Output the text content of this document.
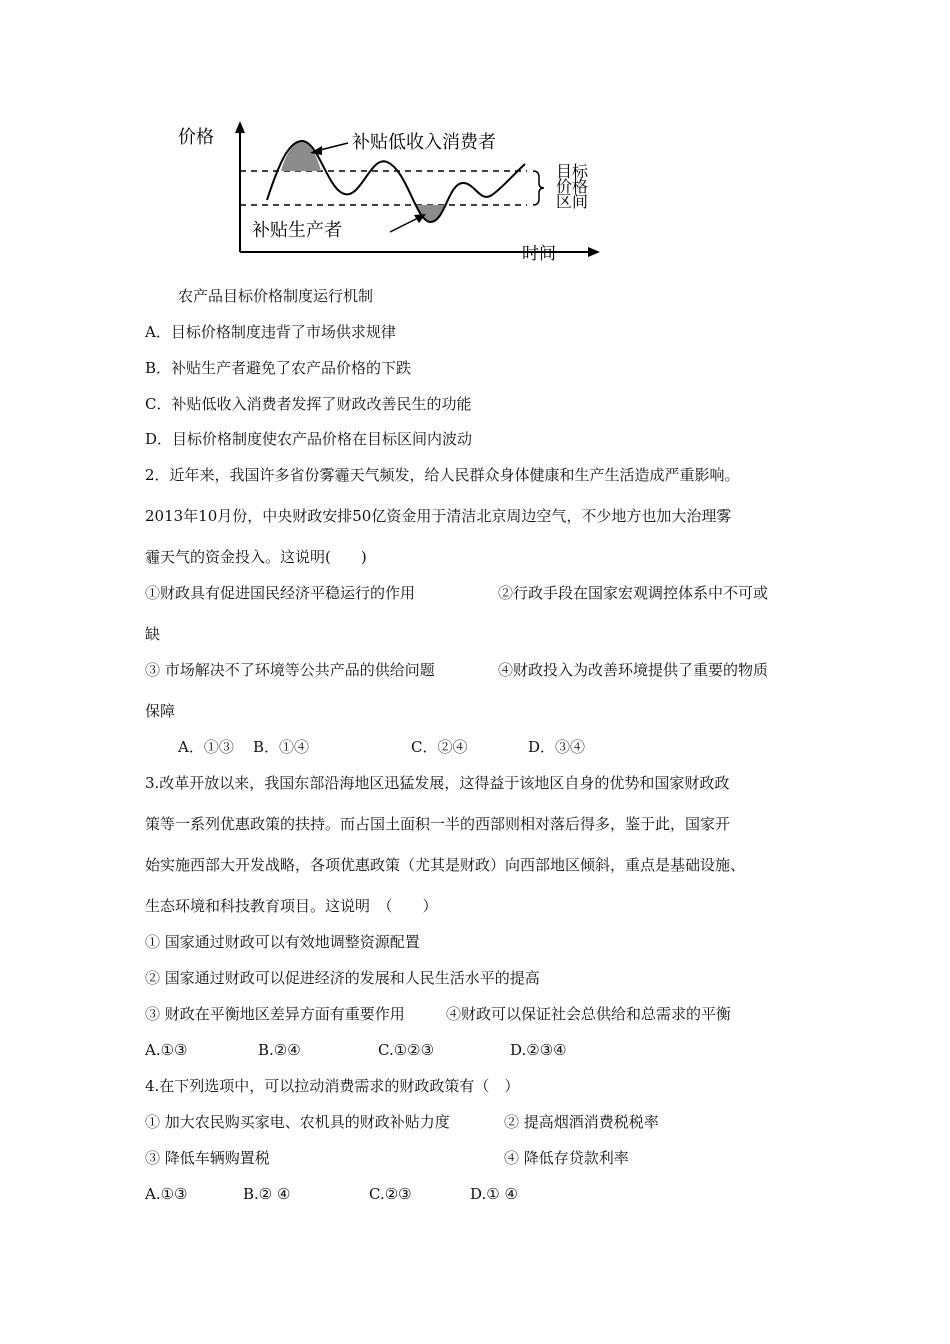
价格
时间
补贴低收入消费者
补贴生产者
目标
价格
区间
农产品目标价格制度运行机制
A．目标价格制度违背了市场供求规律
B．补贴生产者避免了农产品价格的下跌
C．补贴低收入消费者发挥了财政改善民生的功能
D．目标价格制度使农产品价格在目标区间内波动
2．近年来，我国许多省份雾霾天气频发，给人民群众身体健康和生产生活造成严重影响。
2013年10月份，中央财政安排50亿资金用于清洁北京周边空气，不少地方也加大治理雾
霾天气的资金投入。这说明(　　)
①财政具有促进国民经济平稳运行的作用	②行政手段在国家宏观调控体系中不可或
缺
③ 市场解决不了环境等公共产品的供给问题	④财政投入为改善环境提供了重要的物质
保障
A．①③ B．①④	C．②④	D．③④
3.改革开放以来，我国东部沿海地区迅猛发展，这得益于该地区自身的优势和国家财政政
策等一系列优惠政策的扶持。而占国土面积一半的西部则相对落后得多，鉴于此，国家开
始实施西部大开发战略，各项优惠政策（尤其是财政）向西部地区倾斜，重点是基础设施、
生态环境和科技教育项目。这说明　（　　）
① 国家通过财政可以有效地调整资源配置
② 国家通过财政可以促进经济的发展和人民生活水平的提高
③ 财政在平衡地区差异方面有重要作用	④财政可以保证社会总供给和总需求的平衡
A.①③	B.②④	C.①②③	D.②③④
4.在下列选项中，可以拉动消费需求的财政政策有（　）
① 加大农民购买家电、农机具的财政补贴力度	② 提高烟酒消费税税率
③ 降低车辆购置税	④ 降低存贷款利率
A.①③	B.② ④	C.②③	D.① ④
